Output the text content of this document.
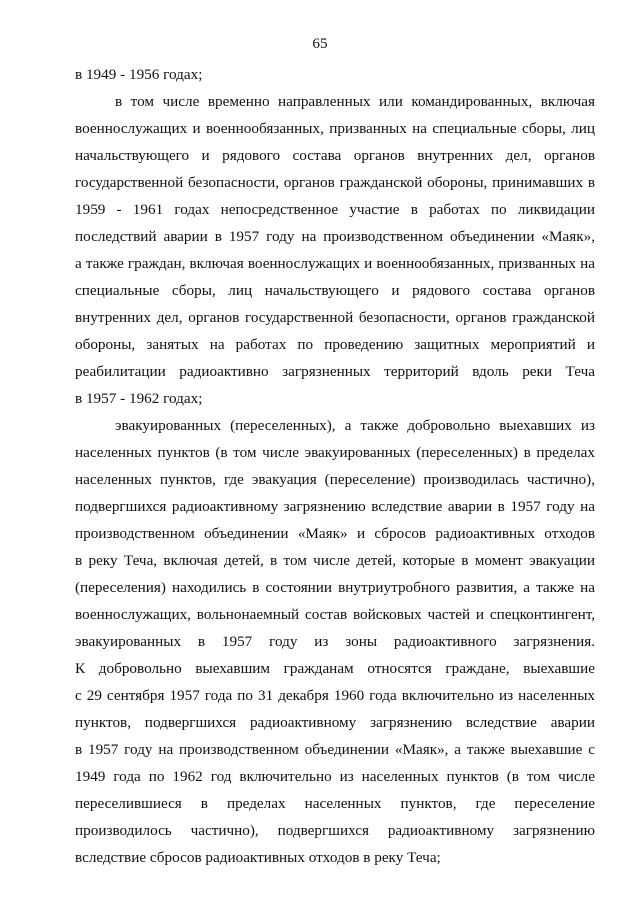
65
в 1949 - 1956 годах;
в том числе временно направленных или командированных, включая
военнослужащих и военнообязанных, призванных на специальные сборы, лиц
начальствующего и рядового состава органов внутренних дел, органов
государственной безопасности, органов гражданской обороны, принимавших в
1959 - 1961 годах непосредственное участие в работах по ликвидации
последствий аварии в 1957 году на производственном объединении «Маяк»,
а также граждан, включая военнослужащих и военнообязанных, призванных на
специальные сборы, лиц начальствующего и рядового состава органов
внутренних дел, органов государственной безопасности, органов гражданской
обороны, занятых на работах по проведению защитных мероприятий и
реабилитации радиоактивно загрязненных территорий вдоль реки Теча
в 1957 - 1962 годах;
эвакуированных (переселенных), а также добровольно выехавших из
населенных пунктов (в том числе эвакуированных (переселенных) в пределах
населенных пунктов, где эвакуация (переселение) производилась частично),
подвергшихся радиоактивному загрязнению вследствие аварии в 1957 году на
производственном объединении «Маяк» и сбросов радиоактивных отходов
в реку Теча, включая детей, в том числе детей, которые в момент эвакуации
(переселения) находились в состоянии внутриутробного развития, а также на
военнослужащих, вольнонаемный состав войсковых частей и спецконтингент,
эвакуированных в 1957 году из зоны радиоактивного загрязнения.
К добровольно выехавшим гражданам относятся граждане, выехавшие
с 29 сентября 1957 года по 31 декабря 1960 года включительно из населенных
пунктов, подвергшихся радиоактивному загрязнению вследствие аварии
в 1957 году на производственном объединении «Маяк», а также выехавшие с
1949 года по 1962 год включительно из населенных пунктов (в том числе
переселившиеся в пределах населенных пунктов, где переселение
производилось частично), подвергшихся радиоактивному загрязнению
вследствие сбросов радиоактивных отходов в реку Теча;
